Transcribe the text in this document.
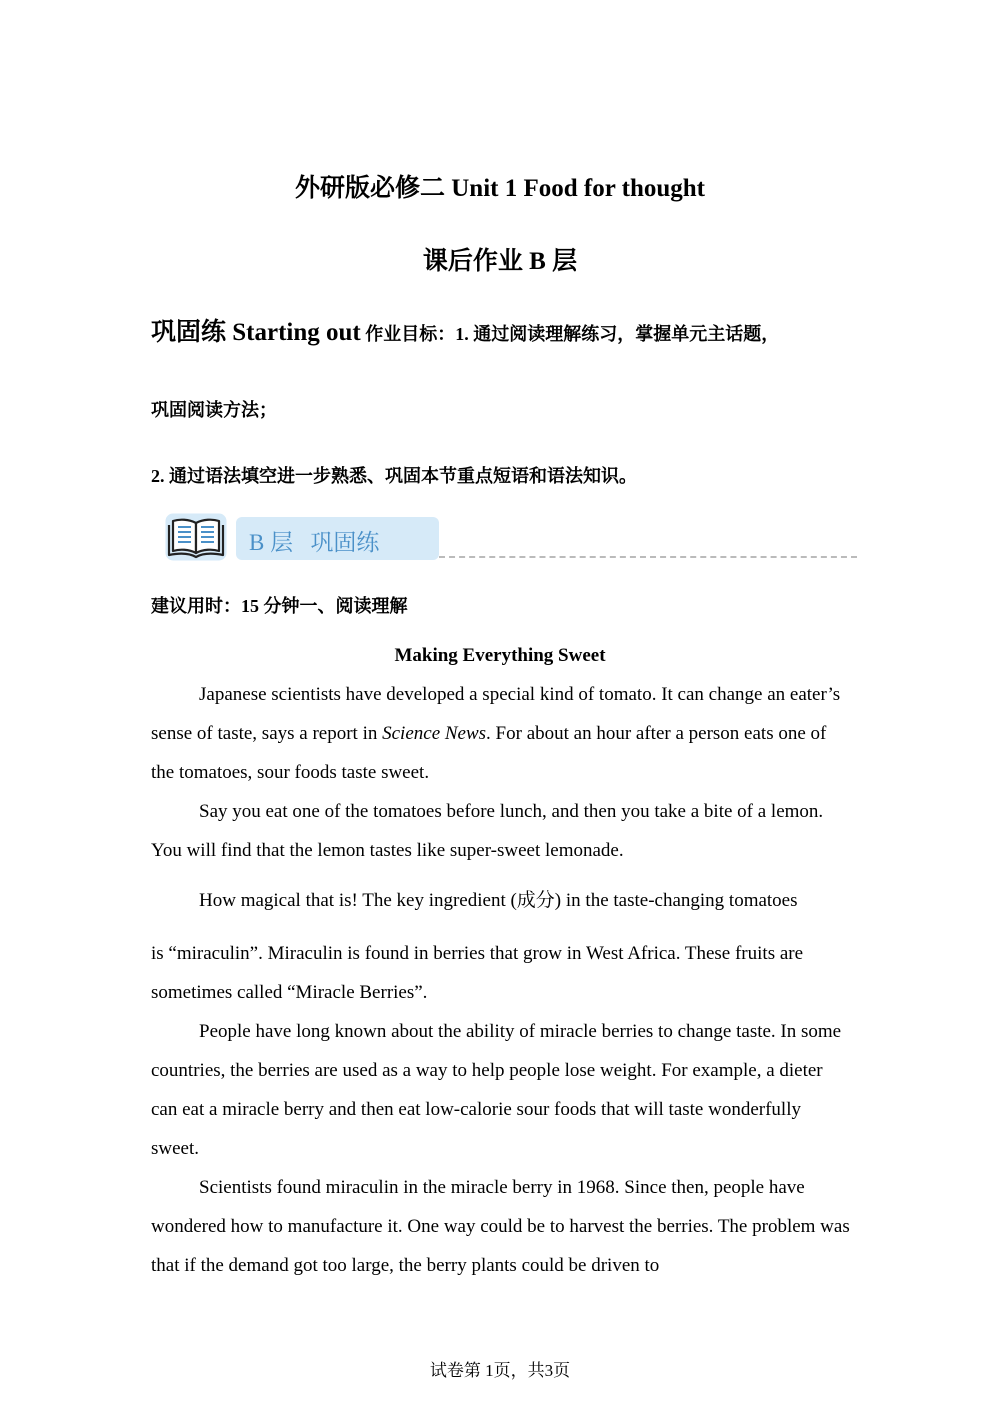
外研版必修二 Unit 1 Food for thought
课后作业 B 层
巩固练 Starting out 作业目标：1. 通过阅读理解练习，掌握单元主话题，
巩固阅读方法；
2. 通过语法填空进一步熟悉、巩固本节重点短语和语法知识。
B 层   巩固练
建议用时：15 分钟一、阅读理解
Making Everything Sweet

Japanese scientists have developed a special kind of tomato. It can change an eater’s sense of taste, says a report in Science News. For about an hour after a person eats one of the tomatoes, sour foods taste sweet.

Say you eat one of the tomatoes before lunch, and then you take a bite of a lemon. You will find that the lemon tastes like super-sweet lemonade.

How magical that is! The key ingredient (成分) in the taste-changing tomatoes

is “miraculin”. Miraculin is found in berries that grow in West Africa. These fruits are sometimes called “Miracle Berries”.

People have long known about the ability of miracle berries to change taste. In some countries, the berries are used as a way to help people lose weight. For example, a dieter can eat a miracle berry and then eat low-calorie sour foods that will taste wonderfully sweet.

Scientists found miraculin in the miracle berry in 1968. Since then, people have wondered how to manufacture it. One way could be to harvest the berries. The problem was that if the demand got too large, the berry plants could be driven to

试卷第 1页，共3页
